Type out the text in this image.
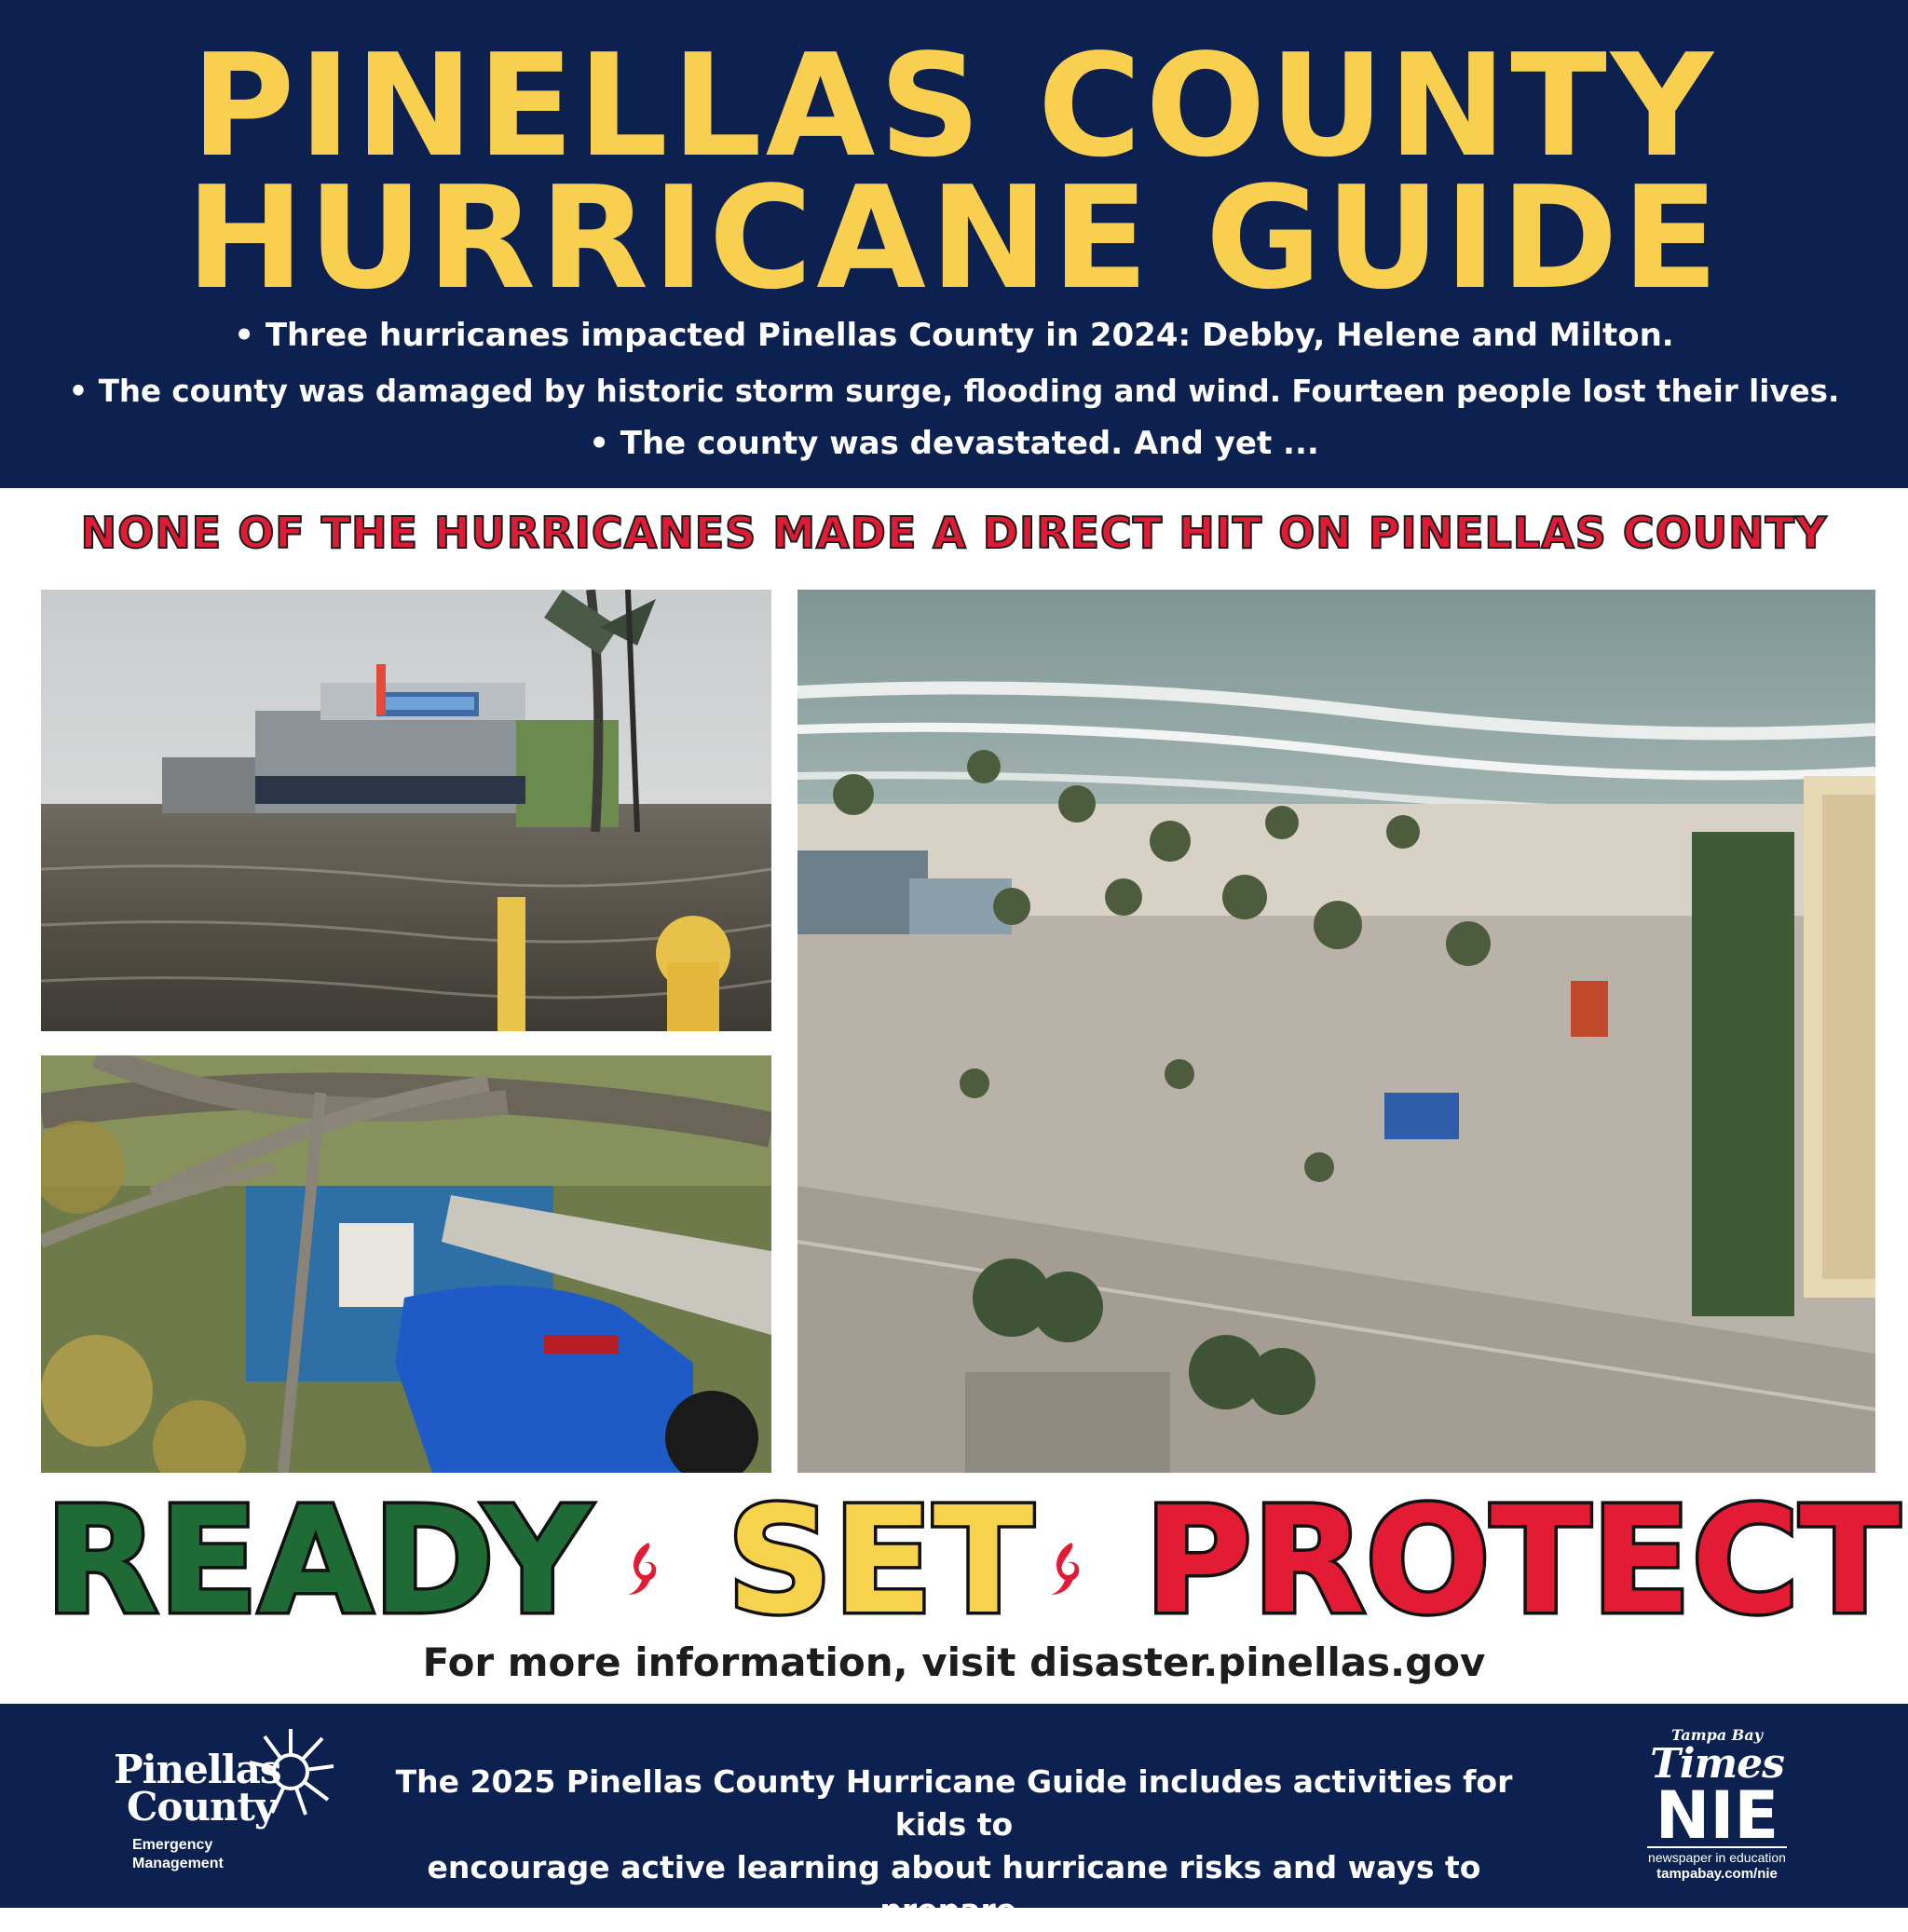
PINELLAS COUNTY
HURRICANE GUIDE
• Three hurricanes impacted Pinellas County in 2024: Debby, Helene and Milton.
• The county was damaged by historic storm surge, flooding and wind. Fourteen people lost their lives.
• The county was devastated. And yet ...
NONE OF THE HURRICANES MADE A DIRECT HIT ON PINELLAS COUNTY
READY SET PROTECT
For more information, visit disaster.pinellas.gov
Pinellas
County
Emergency
Management
The 2025 Pinellas County Hurricane Guide includes activities for kids to
encourage active learning about hurricane risks and ways to prepare.
Tampa Bay
Times
NIE
newspaper in education
tampabay.com/nie
